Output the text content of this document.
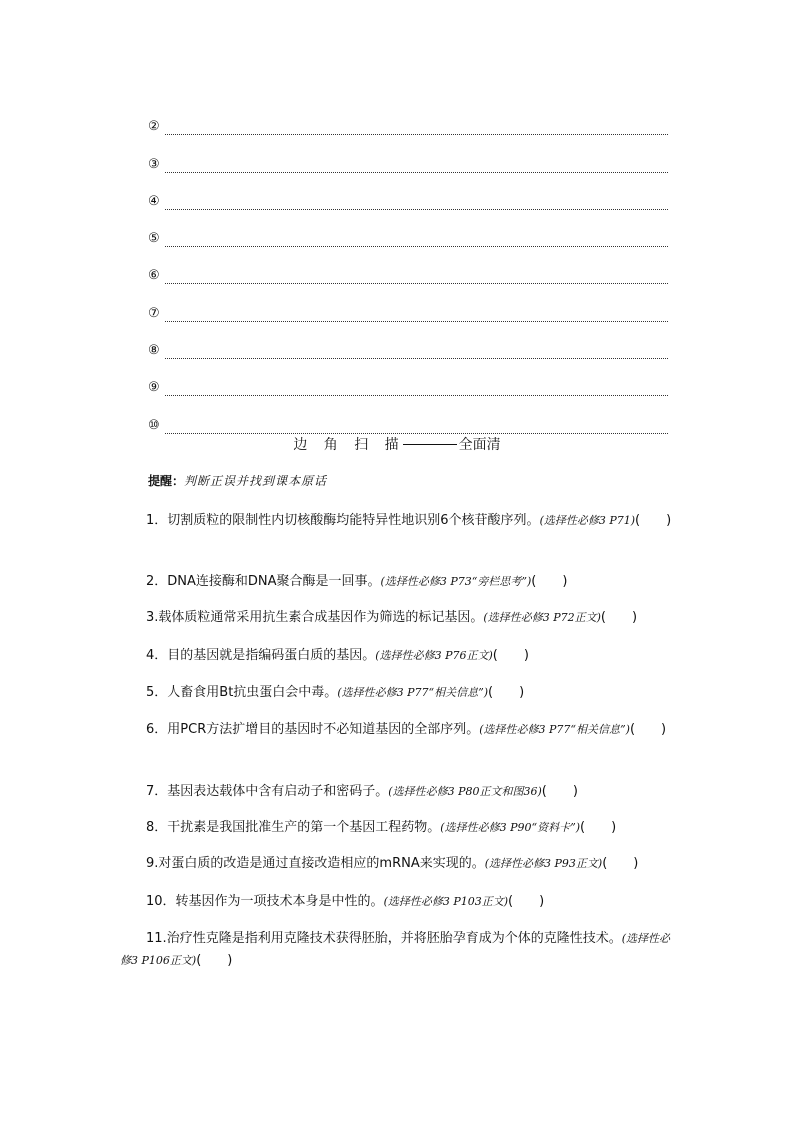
②
③
④
⑤
⑥
⑦
⑧
⑨
⑩
边 角 扫 描	全面清
提醒：判断正误并找到课本原话
1．切割质粒的限制性内切核酸酶均能特异性地识别6个核苷酸序列。(选择性必修3 P71)(　　)
2．DNA连接酶和DNA聚合酶是一回事。(选择性必修3 P73“旁栏思考”)(　　)
3.载体质粒通常采用抗生素合成基因作为筛选的标记基因。(选择性必修3 P72正文)(　　)
4．目的基因就是指编码蛋白质的基因。(选择性必修3 P76正文)(　　)
5．人畜食用Bt抗虫蛋白会中毒。(选择性必修3 P77“相关信息”)(　　)
6．用PCR方法扩增目的基因时不必知道基因的全部序列。(选择性必修3 P77“相关信息”)(　　)
7．基因表达载体中含有启动子和密码子。(选择性必修3 P80正文和图36)(　　)
8．干扰素是我国批准生产的第一个基因工程药物。(选择性必修3 P90“资料卡”)(　　)
9.对蛋白质的改造是通过直接改造相应的mRNA来实现的。(选择性必修3 P93正文)(　　)
10．转基因作为一项技术本身是中性的。(选择性必修3 P103正文)(　　)
11.治疗性克隆是指利用克隆技术获得胚胎，并将胚胎孕育成为个体的克隆性技术。(选择性必修3 P106正文)(　　)
